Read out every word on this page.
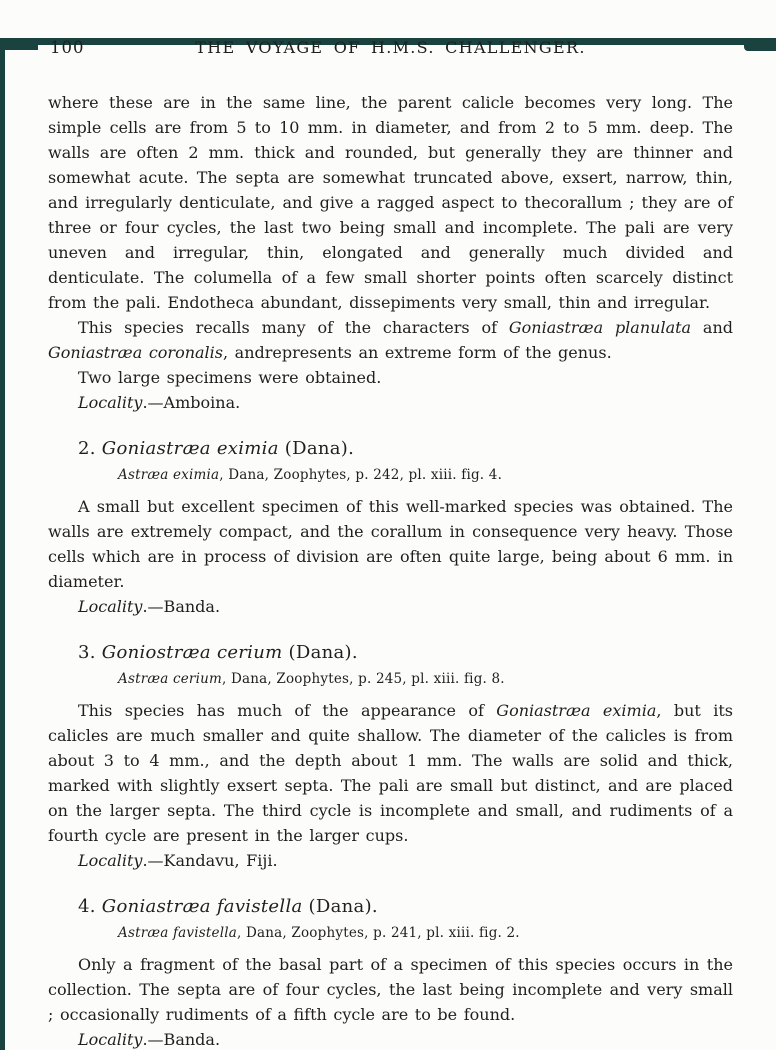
100	THE VOYAGE OF H.M.S. CHALLENGER.

where these are in the same line, the parent calicle becomes very long. The simple cells are from 5 to 10 mm. in diameter, and from 2 to 5 mm. deep. The walls are often 2 mm. thick and rounded, but generally they are thinner and somewhat acute. The septa are somewhat truncated above, exsert, narrow, thin, and irregularly denticulate, and give a ragged aspect to thecorallum ; they are of three or four cycles, the last two being small and incomplete. The pali are very uneven and irregular, thin, elongated and generally much divided and denticulate. The columella of a few small shorter points often scarcely distinct from the pali. Endotheca abundant, dissepiments very small, thin and irregular.

This species recalls many of the characters of Goniastræa planulata and Goniastræa coronalis, andrepresents an extreme form of the genus.

Two large specimens were obtained.

Locality.—Amboina.

2. Goniastræa eximia (Dana).

Astræa eximia, Dana, Zoophytes, p. 242, pl. xiii. fig. 4.

A small but excellent specimen of this well-marked species was obtained. The walls are extremely compact, and the corallum in consequence very heavy. Those cells which are in process of division are often quite large, being about 6 mm. in diameter.

Locality.—Banda.

3. Goniostræa cerium (Dana).

Astræa cerium, Dana, Zoophytes, p. 245, pl. xiii. fig. 8.

This species has much of the appearance of Goniastræa eximia, but its calicles are much smaller and quite shallow. The diameter of the calicles is from about 3 to 4 mm., and the depth about 1 mm. The walls are solid and thick, marked with slightly exsert septa. The pali are small but distinct, and are placed on the larger septa. The third cycle is incomplete and small, and rudiments of a fourth cycle are present in the larger cups.

Locality.—Kandavu, Fiji.

4. Goniastræa favistella (Dana).

Astræa favistella, Dana, Zoophytes, p. 241, pl. xiii. fig. 2.

Only a fragment of the basal part of a specimen of this species occurs in the collection. The septa are of four cycles, the last being incomplete and very small ; occasionally rudiments of a fifth cycle are to be found.

Locality.—Banda.
